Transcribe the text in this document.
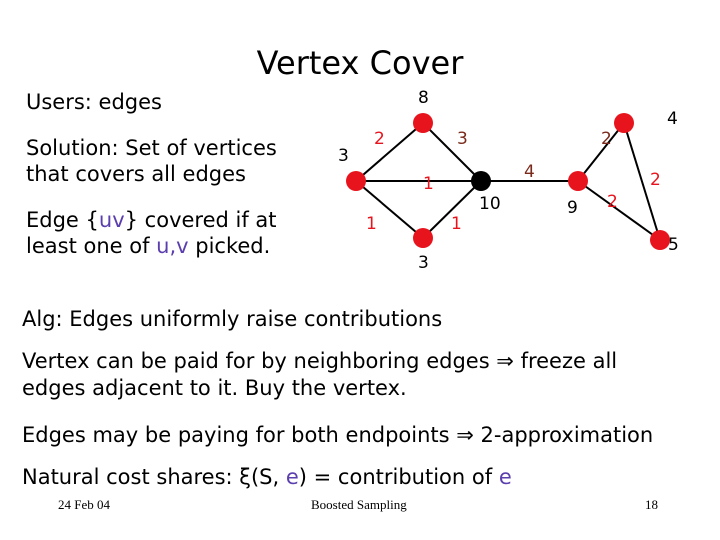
Vertex Cover
Users: edges
Solution: Set of vertices
that covers all edges
Edge {uv} covered if at
least one of u,v picked.
8
3
10	9
4
5
3
2	3
1	1
1
4
2
2
2
Alg: Edges uniformly raise contributions
Vertex can be paid for by neighboring edges ⇒ freeze all
edges adjacent to it. Buy the vertex.
Edges may be paying for both endpoints ⇒ 2-approximation
Natural cost shares: ξ(S, e) = contribution of e
24 Feb 04	Boosted Sampling	18
